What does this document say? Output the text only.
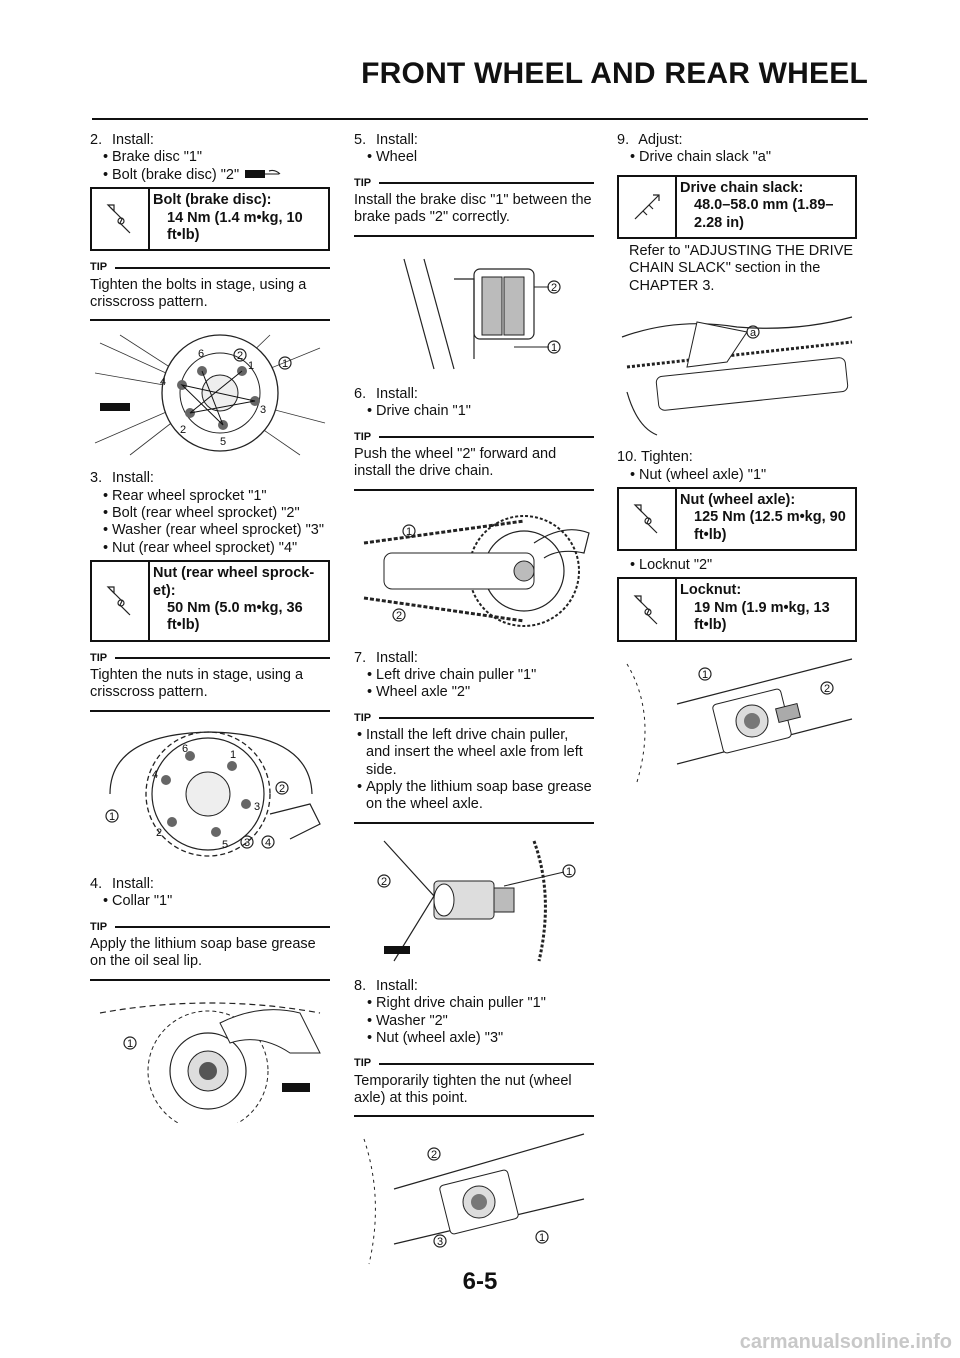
FRONT WHEEL AND REAR WHEEL
2. Install:
• Brake disc "1"
• Bolt (brake disc) "2"
Bolt (brake disc):
14 Nm (1.4 m•kg, 10 ft•lb)
TIP
Tighten the bolts in stage, using a crisscross pattern.
6
1
4
3
2
5
2
1
3. Install:
• Rear wheel sprocket "1"
• Bolt (rear wheel sprocket) "2"
• Washer (rear wheel sprocket) "3"
• Nut (rear wheel sprocket) "4"
Nut (rear wheel sprock-et):
50 Nm (5.0 m•kg, 36 ft•lb)
TIP
Tighten the nuts in stage, using a crisscross pattern.
6	1
4
3
2
5
1
2
3 4
4. Install:
• Collar "1"
TIP
Apply the lithium soap base grease on the oil seal lip.
1
5. Install:
• Wheel
TIP
Install the brake disc "1" between the brake pads "2" correctly.
2
1
6. Install:
• Drive chain "1"
TIP
Push the wheel "2" forward and install the drive chain.
1
2
7. Install:
• Left drive chain puller "1"
• Wheel axle "2"
TIP
• Install the left drive chain puller, and insert the wheel axle from left side.
• Apply the lithium soap base grease on the wheel axle.
1
2
8. Install:
• Right drive chain puller "1"
• Washer "2"
• Nut (wheel axle) "3"
TIP
Temporarily tighten the nut (wheel axle) at this point.
2
1
3
9. Adjust:
• Drive chain slack "a"
Drive chain slack:
48.0–58.0 mm (1.89–2.28 in)
Refer to "ADJUSTING THE DRIVE CHAIN SLACK" section in the CHAPTER 3.
a
10. Tighten:
• Nut (wheel axle) "1"
Nut (wheel axle):
125 Nm (12.5 m•kg, 90 ft•lb)
• Locknut "2"
Locknut:
19 Nm (1.9 m•kg, 13 ft•lb)
1
2
6-5
carmanualsonline.info
